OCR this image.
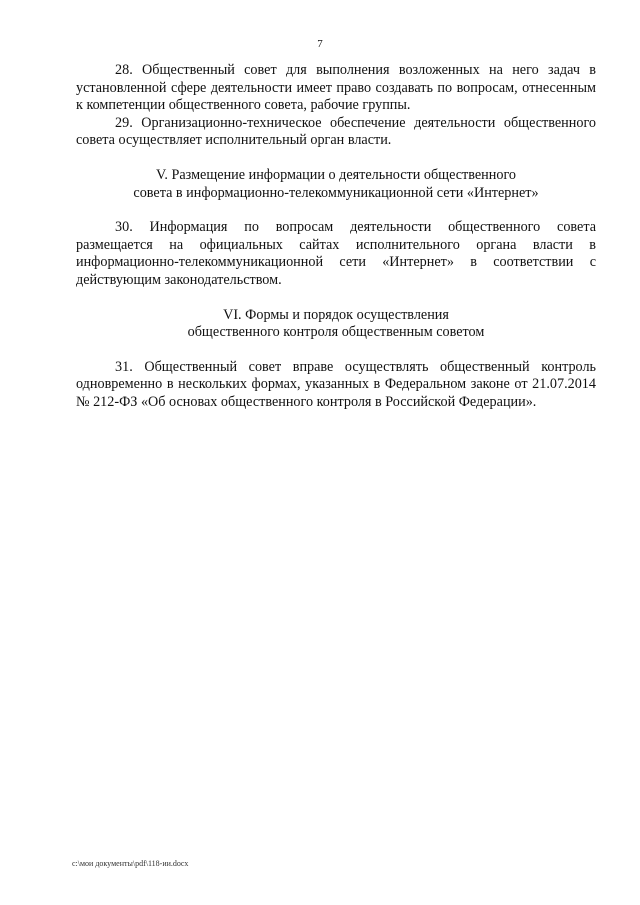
7

28. Общественный совет для выполнения возложенных на него задач в установленной сфере деятельности имеет право создавать по вопросам, отнесенным к компетенции общественного совета, рабочие группы.

29. Организационно-техническое обеспечение деятельности общественного совета осуществляет исполнительный орган власти.

V. Размещение информации о деятельности общественного

совета в информационно-телекоммуникационной сети «Интернет»

30. Информация по вопросам деятельности общественного совета размещается на официальных сайтах исполнительного органа власти в информационно-телекоммуникационной сети «Интернет» в соответствии с действующим законодательством.

VI. Формы и порядок осуществления

общественного контроля общественным советом

31. Общественный совет вправе осуществлять общественный контроль одновременно в нескольких формах, указанных в Федеральном законе от 21.07.2014 № 212-ФЗ «Об основах общественного контроля в Российской Федерации».

c:\мои документы\pdf\118-ии.docx
